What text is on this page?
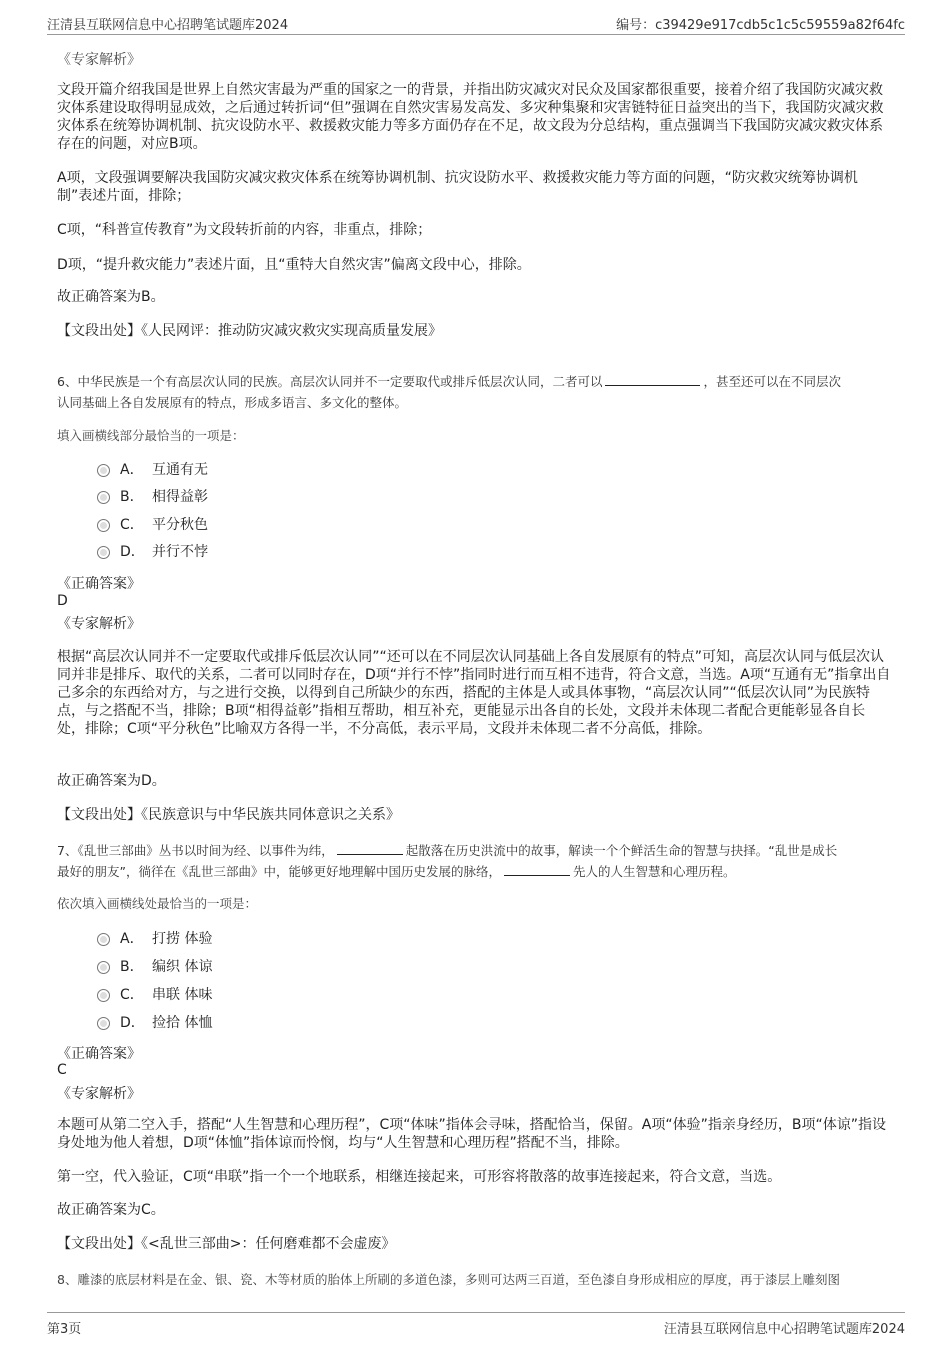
汪清县互联网信息中心招聘笔试题库2024	编号：c39429e917cdb5c1c5c59559a82f64fc
《专家解析》
文段开篇介绍我国是世界上自然灾害最为严重的国家之一的背景，并指出防灾减灾对民众及国家都很重要，接着介绍了我国防灾减灾救灾体系建设取得明显成效，之后通过转折词“但”强调在自然灾害易发高发、多灾种集聚和灾害链特征日益突出的当下，我国防灾减灾救灾体系在统筹协调机制、抗灾设防水平、救援救灾能力等多方面仍存在不足，故文段为分总结构，重点强调当下我国防灾减灾救灾体系存在的问题，对应B项。
A项，文段强调要解决我国防灾减灾救灾体系在统筹协调机制、抗灾设防水平、救援救灾能力等方面的问题，“防灾救灾统筹协调机制”表述片面，排除；
C项，“科普宣传教育”为文段转折前的内容，非重点，排除；
D项，“提升救灾能力”表述片面，且“重特大自然灾害”偏离文段中心，排除。
故正确答案为B。
【文段出处】《人民网评：推动防灾减灾救灾实现高质量发展》
6、中华民族是一个有高层次认同的民族。高层次认同并不一定要取代或排斥低层次认同，二者可以	，甚至还可以在不同层次
认同基础上各自发展原有的特点，形成多语言、多文化的整体。
填入画横线部分最恰当的一项是：
A． 互通有无
B． 相得益彰
C． 平分秋色
D． 并行不悖
《正确答案》
D
《专家解析》
根据“高层次认同并不一定要取代或排斥低层次认同”“还可以在不同层次认同基础上各自发展原有的特点”可知，高层次认同与低层次认同并非是排斥、取代的关系，二者可以同时存在，D项“并行不悖”指同时进行而互相不违背，符合文意，当选。A项“互通有无”指拿出自己多余的东西给对方，与之进行交换，以得到自己所缺少的东西，搭配的主体是人或具体事物，“高层次认同”“低层次认同”为民族特点，与之搭配不当，排除；B项“相得益彰”指相互帮助，相互补充，更能显示出各自的长处，文段并未体现二者配合更能彰显各自长处，排除；C项“平分秋色”比喻双方各得一半，不分高低，表示平局，文段并未体现二者不分高低，排除。
故正确答案为D。
【文段出处】《民族意识与中华民族共同体意识之关系》
7、《乱世三部曲》丛书以时间为经、以事件为纬，	起散落在历史洪流中的故事，解读一个个鲜活生命的智慧与抉择。“乱世是成长
最好的朋友”，徜徉在《乱世三部曲》中，能够更好地理解中国历史发展的脉络，	先人的人生智慧和心理历程。
依次填入画横线处最恰当的一项是：
A． 打捞 体验
B． 编织 体谅
C． 串联 体味
D． 捡拾 体恤
《正确答案》
C
《专家解析》
本题可从第二空入手，搭配“人生智慧和心理历程”，C项“体味”指体会寻味，搭配恰当，保留。A项“体验”指亲身经历，B项“体谅”指设身处地为他人着想，D项“体恤”指体谅而怜悯，均与“人生智慧和心理历程”搭配不当，排除。
第一空，代入验证，C项“串联”指一个一个地联系，相继连接起来，可形容将散落的故事连接起来，符合文意，当选。
故正确答案为C。
【文段出处】《<乱世三部曲>：任何磨难都不会虚废》
8、雕漆的底层材料是在金、银、瓷、木等材质的胎体上所刷的多道色漆，多则可达两三百道，至色漆自身形成相应的厚度，再于漆层上雕刻图
第3页	汪清县互联网信息中心招聘笔试题库2024
